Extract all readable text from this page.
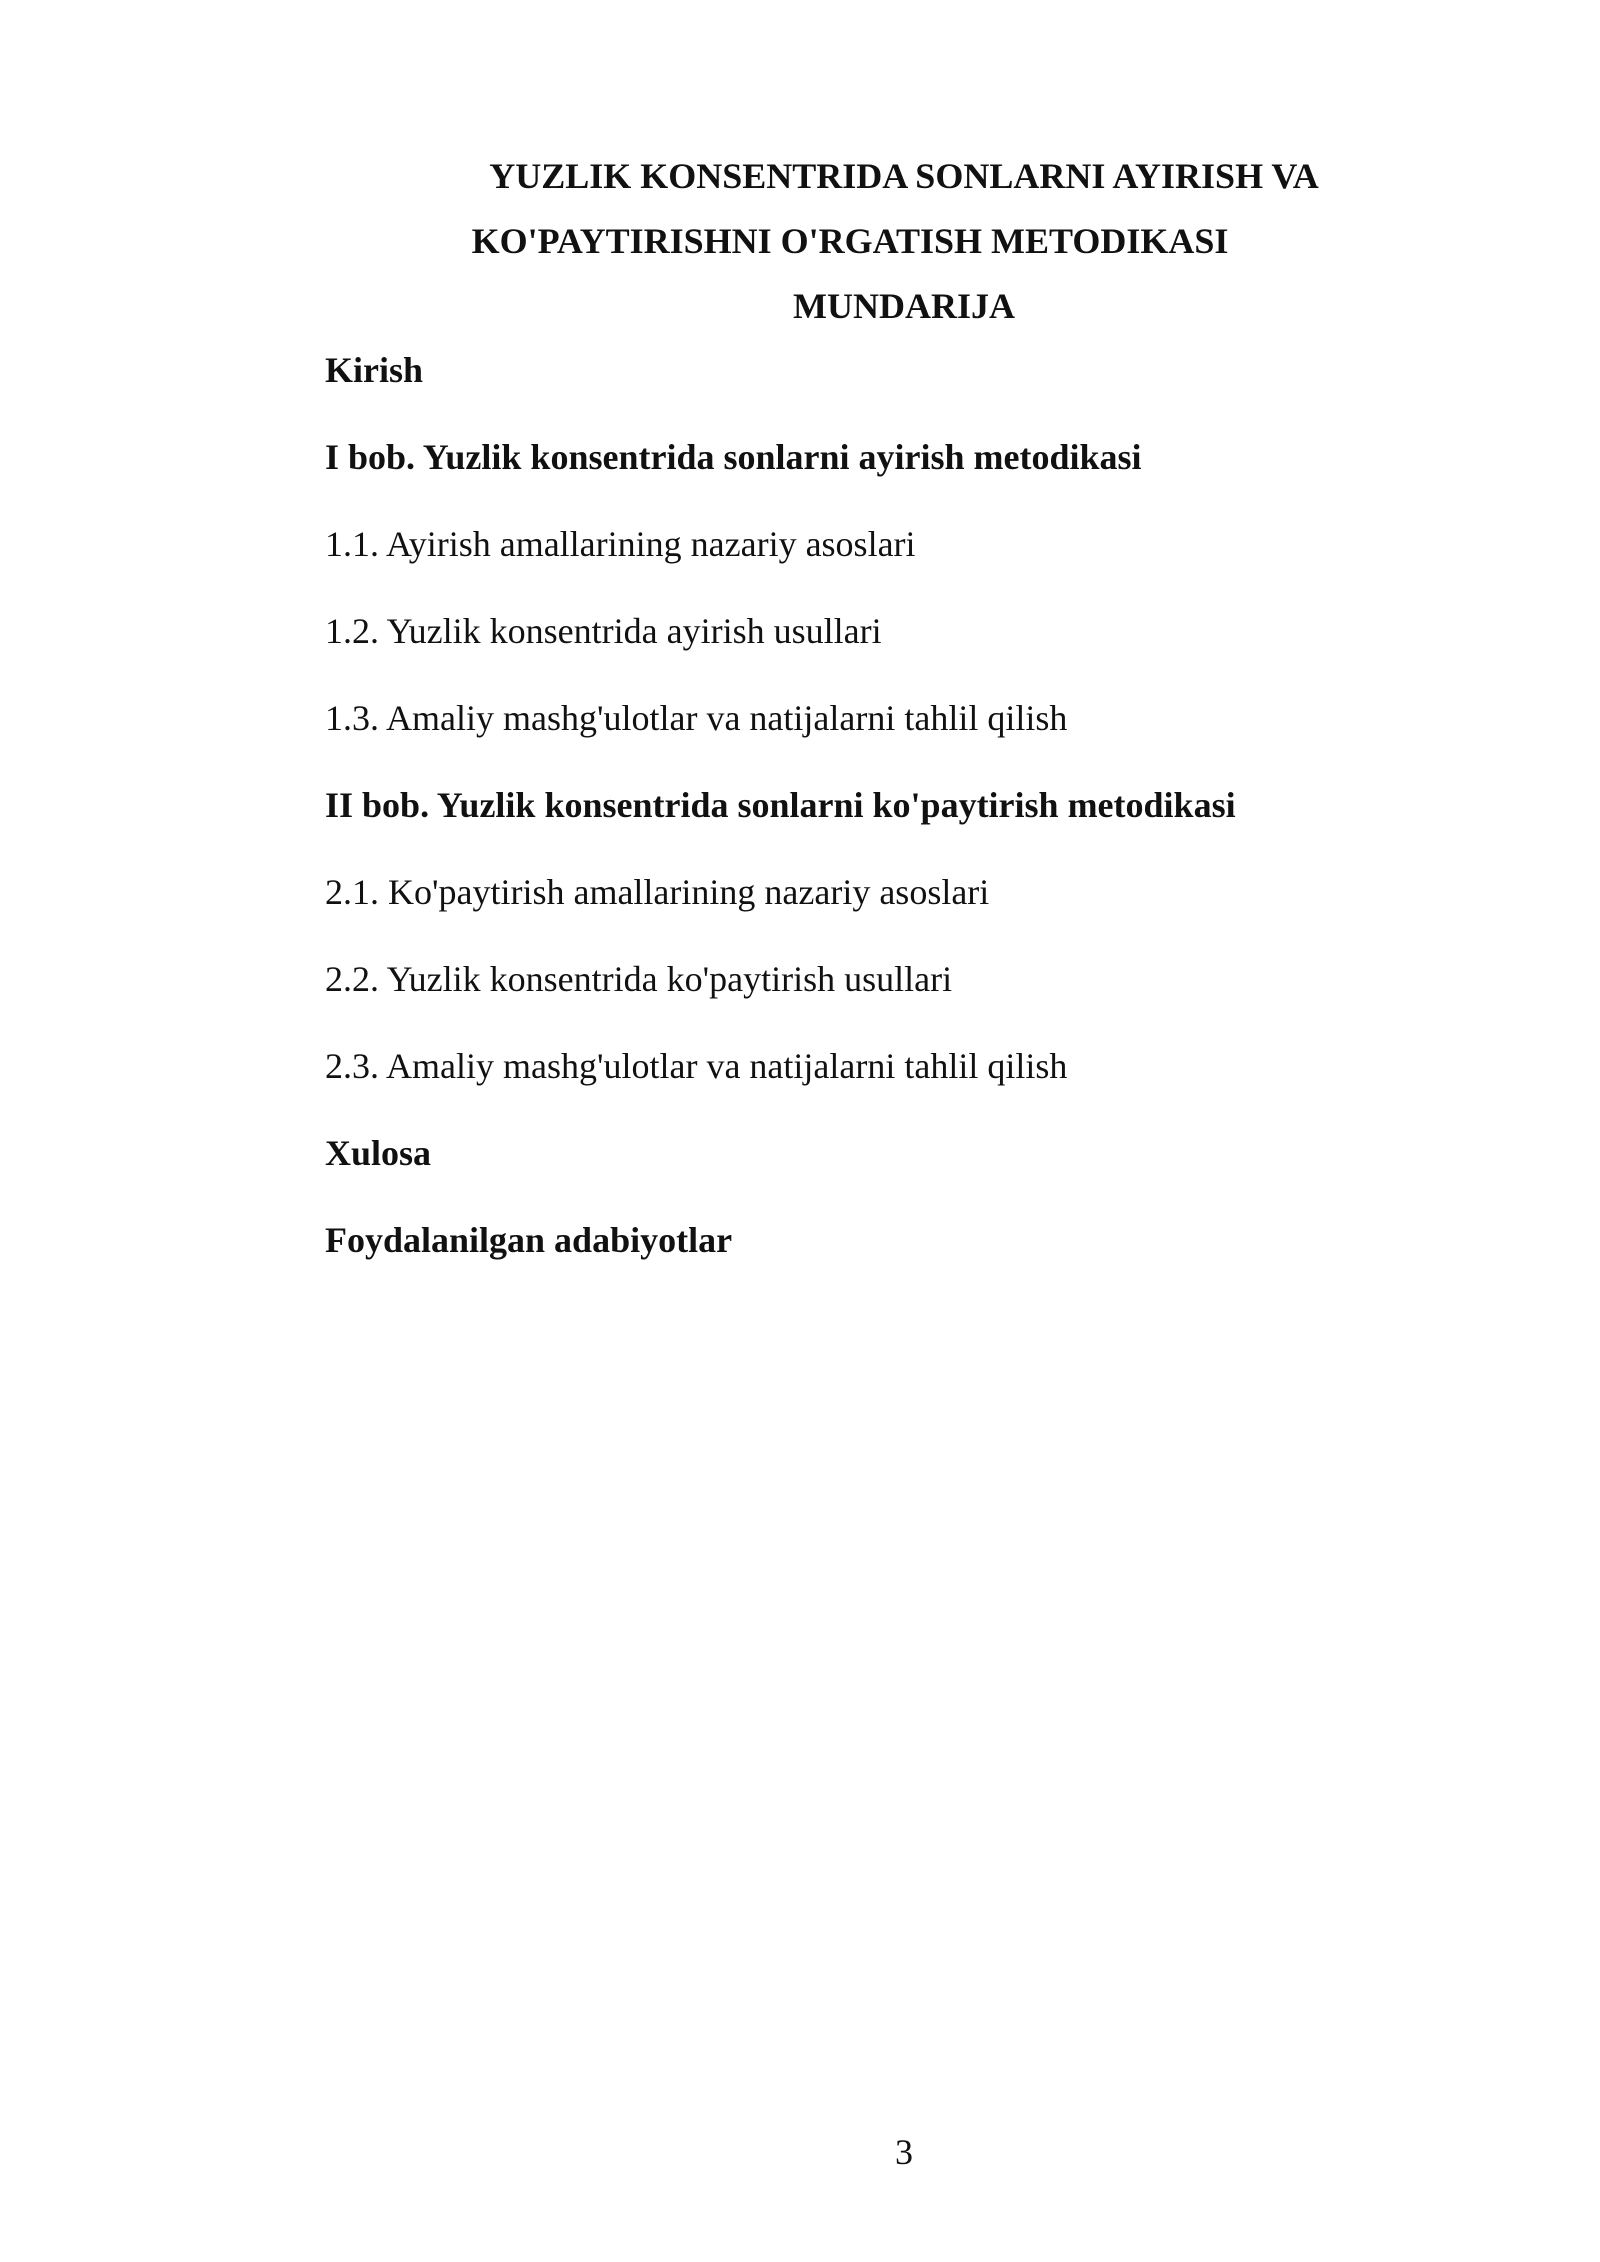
YUZLIK KONSENTRIDA SONLARNI AYIRISH VA
KO'PAYTIRISHNI O'RGATISH METODIKASI
MUNDARIJA
Kirish
I bob. Yuzlik konsentrida sonlarni ayirish metodikasi
1.1. Ayirish amallarining nazariy asoslari
1.2. Yuzlik konsentrida ayirish usullari
1.3. Amaliy mashg'ulotlar va natijalarni tahlil qilish
II bob. Yuzlik konsentrida sonlarni ko'paytirish metodikasi
2.1. Ko'paytirish amallarining nazariy asoslari
2.2. Yuzlik konsentrida ko'paytirish usullari
2.3. Amaliy mashg'ulotlar va natijalarni tahlil qilish
Xulosa
Foydalanilgan adabiyotlar
3
